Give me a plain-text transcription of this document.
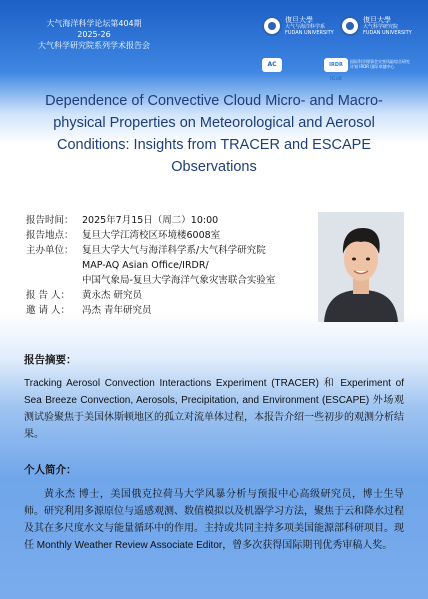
大气海洋科学论坛第404期
2025-26
大气科学研究院系列学术报告会
復旦大學
大气与海洋科学系
FUDAN UNIVERSITY
復旦大學
大气科学研究院
FUDAN UNIVERSITY
AC	IRDR ICoE
国际科学理事会灾害风险综合研究计划 IRDR 国际卓越中心
Dependence of Convective Cloud Micro- and Macro-physical Properties on Meteorological and Aerosol Conditions: Insights from TRACER and ESCAPE Observations
报告时间： 2025年7月15日（周二）10:00
报告地点： 复旦大学江湾校区环境楼6008室
主办单位： 复旦大学大气与海洋科学系/大气科学研究院
MAP-AQ Asian Office/IRDR/
中国气象局-复旦大学海洋气象灾害联合实验室
报 告 人：	黄永杰 研究员
邀 请 人：	冯杰 青年研究员
报告摘要：
Tracking Aerosol Convection Interactions Experiment (TRACER) 和 Experiment of Sea Breeze Convection, Aerosols, Precipitation, and Environment (ESCAPE) 外场观测试验聚焦于美国休斯顿地区的孤立对流单体过程，本报告介绍一些初步的观测分析结果。
个人简介：
黄永杰 博士，美国俄克拉荷马大学风暴分析与预报中心高级研究员，博士生导师。研究利用多源原位与遥感观测、数值模拟以及机器学习方法，聚焦于云和降水过程及其在多尺度水文与能量循环中的作用。主持或共同主持多项美国能源部科研项目。现任 Monthly Weather Review Associate Editor，曾多次获得国际期刊优秀审稿人奖。
